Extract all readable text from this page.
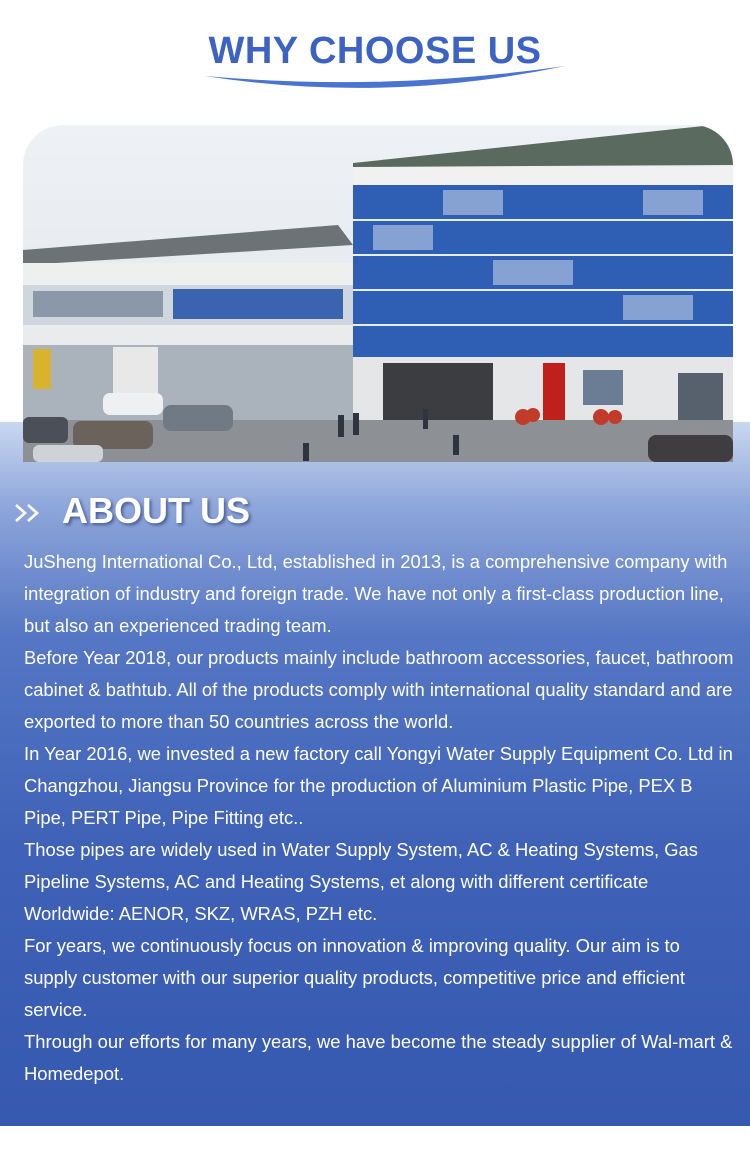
WHY CHOOSE US
ABOUT US

JuSheng International Co., Ltd, established in 2013, is a comprehensive company with integration of industry and foreign trade. We have not only a first-class production line, but also an experienced trading team.

Before Year 2018, our products mainly include bathroom accessories, faucet, bathroom cabinet & bathtub. All of the products comply with international quality standard and are exported to more than 50 countries across the world.

In Year 2016, we invested a new factory call Yongyi Water Supply Equipment Co. Ltd in Changzhou, Jiangsu Province for the production of Aluminium Plastic Pipe, PEX B Pipe, PERT Pipe, Pipe Fitting etc..

Those pipes are widely used in Water Supply System, AC & Heating Systems, Gas Pipeline Systems, AC and Heating Systems, et along with different certificate Worldwide: AENOR, SKZ, WRAS, PZH etc.

For years, we continuously focus on innovation & improving quality. Our aim is to supply customer with our superior quality products, competitive price and efficient service.

Through our efforts for many years, we have become the steady supplier of Wal-mart & Homedepot.
